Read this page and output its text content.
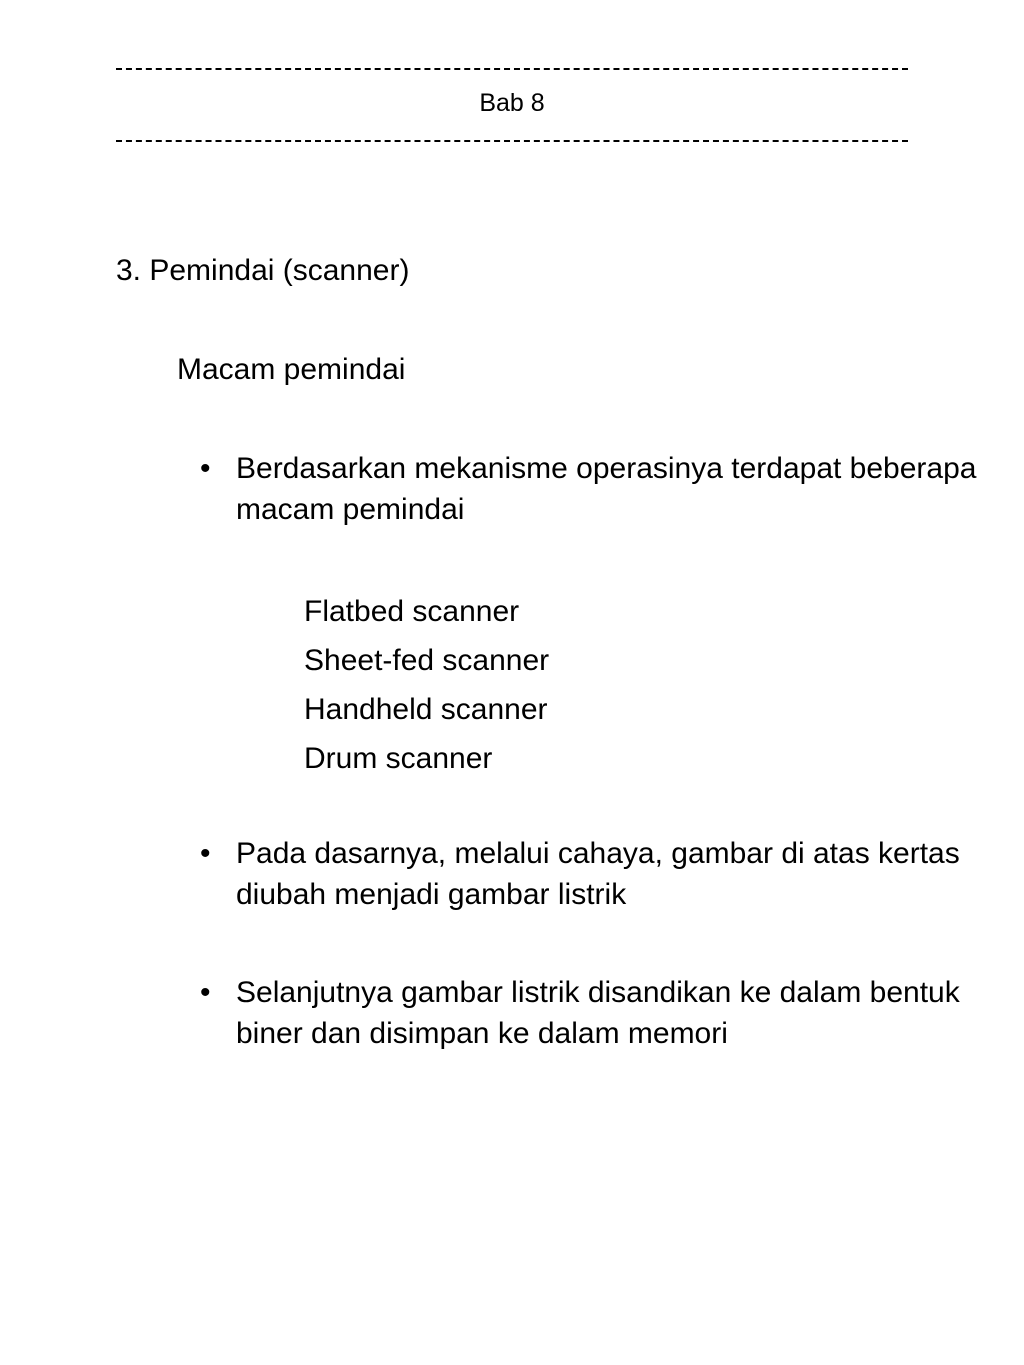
Bab 8
3. Pemindai (scanner)
Macam pemindai
• Berdasarkan mekanisme operasinya terdapat beberapa macam pemindai
Flatbed scanner
Sheet-fed scanner
Handheld scanner
Drum scanner
• Pada dasarnya, melalui cahaya, gambar di atas kertas diubah menjadi gambar listrik
• Selanjutnya gambar listrik disandikan ke dalam bentuk biner dan disimpan ke dalam memori
